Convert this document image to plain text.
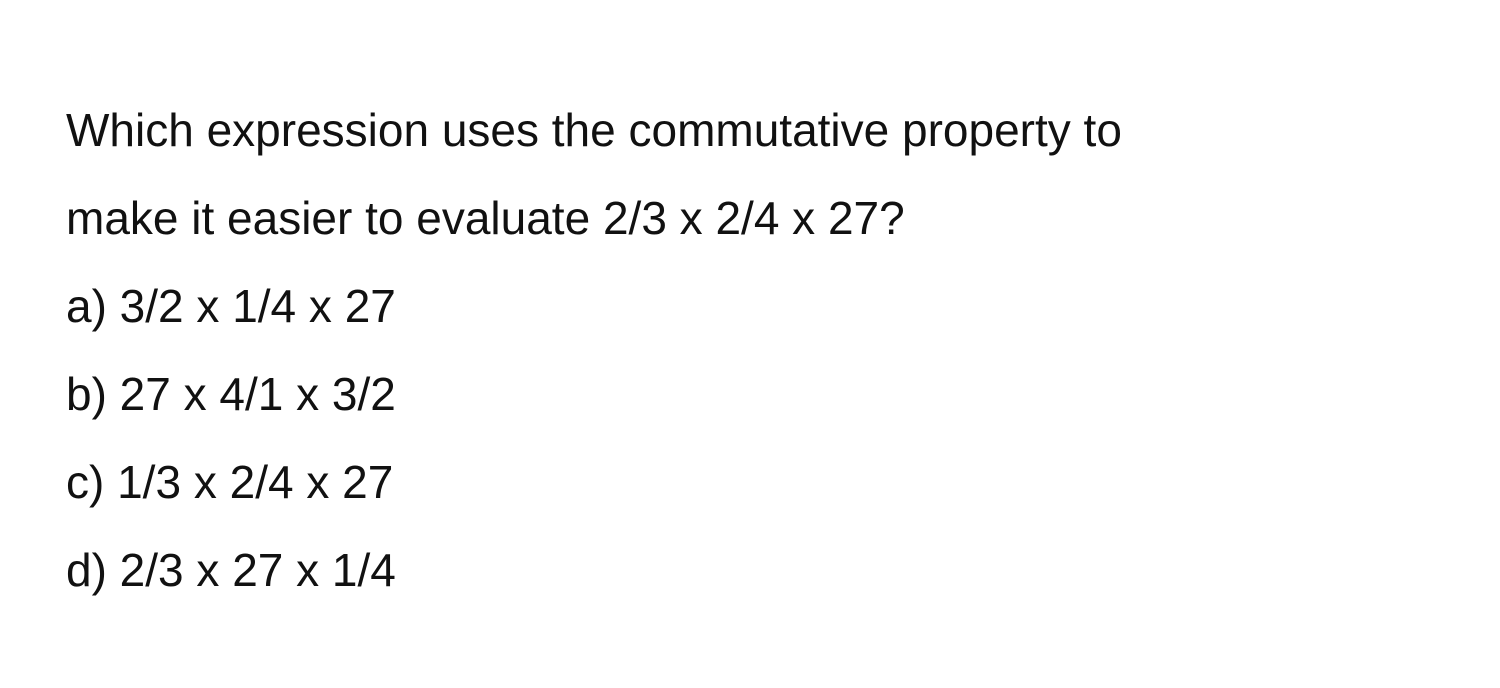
Which expression uses the commutative property to
make it easier to evaluate 2/3 x 2/4 x 27?
a) 3/2 x 1/4 x 27
b) 27 x 4/1 x 3/2
c) 1/3 x 2/4 x 27
d) 2/3 x 27 x 1/4
